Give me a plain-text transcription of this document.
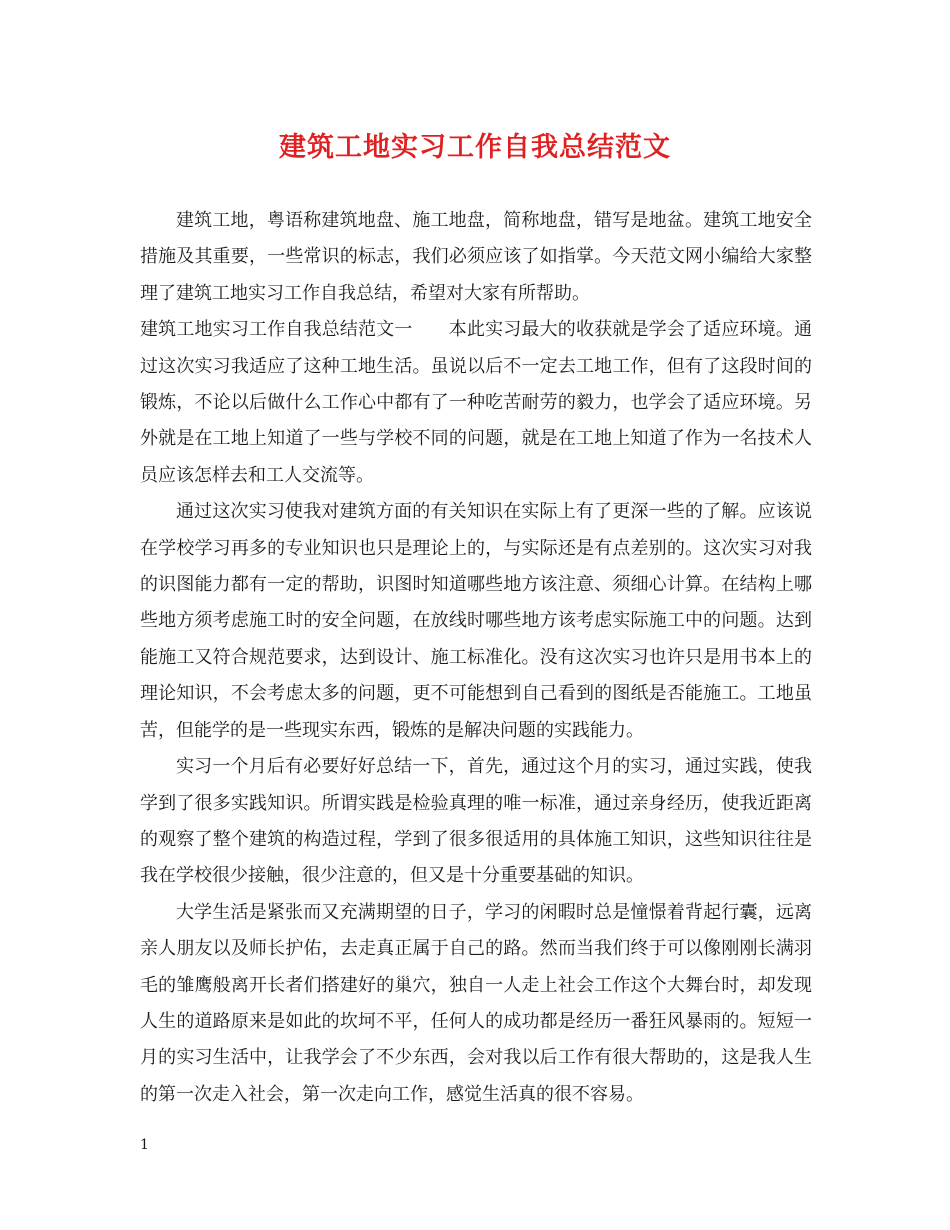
建筑工地实习工作自我总结范文

建筑工地，粤语称建筑地盘、施工地盘，简称地盘，错写是地盆。建筑工地安全措施及其重要，一些常识的标志，我们必须应该了如指掌。今天范文网小编给大家整理了建筑工地实习工作自我总结，希望对大家有所帮助。

建筑工地实习工作自我总结范文一 本此实习最大的收获就是学会了适应环境。通过这次实习我适应了这种工地生活。虽说以后不一定去工地工作，但有了这段时间的锻炼，不论以后做什么工作心中都有了一种吃苦耐劳的毅力，也学会了适应环境。另外就是在工地上知道了一些与学校不同的问题，就是在工地上知道了作为一名技术人员应该怎样去和工人交流等。

通过这次实习使我对建筑方面的有关知识在实际上有了更深一些的了解。应该说在学校学习再多的专业知识也只是理论上的，与实际还是有点差别的。这次实习对我的识图能力都有一定的帮助，识图时知道哪些地方该注意、须细心计算。在结构上哪些地方须考虑施工时的安全问题，在放线时哪些地方该考虑实际施工中的问题。达到能施工又符合规范要求，达到设计、施工标准化。没有这次实习也许只是用书本上的理论知识，不会考虑太多的问题，更不可能想到自己看到的图纸是否能施工。工地虽苦，但能学的是一些现实东西，锻炼的是解决问题的实践能力。

实习一个月后有必要好好总结一下，首先，通过这个月的实习，通过实践，使我学到了很多实践知识。所谓实践是检验真理的唯一标准，通过亲身经历，使我近距离的观察了整个建筑的构造过程，学到了很多很适用的具体施工知识，这些知识往往是我在学校很少接触，很少注意的，但又是十分重要基础的知识。

大学生活是紧张而又充满期望的日子，学习的闲暇时总是憧憬着背起行囊，远离亲人朋友以及师长护佑，去走真正属于自己的路。然而当我们终于可以像刚刚长满羽毛的雏鹰般离开长者们搭建好的巢穴，独自一人走上社会工作这个大舞台时，却发现人生的道路原来是如此的坎坷不平，任何人的成功都是经历一番狂风暴雨的。短短一月的实习生活中，让我学会了不少东西，会对我以后工作有很大帮助的，这是我人生的第一次走入社会，第一次走向工作，感觉生活真的很不容易。

1
